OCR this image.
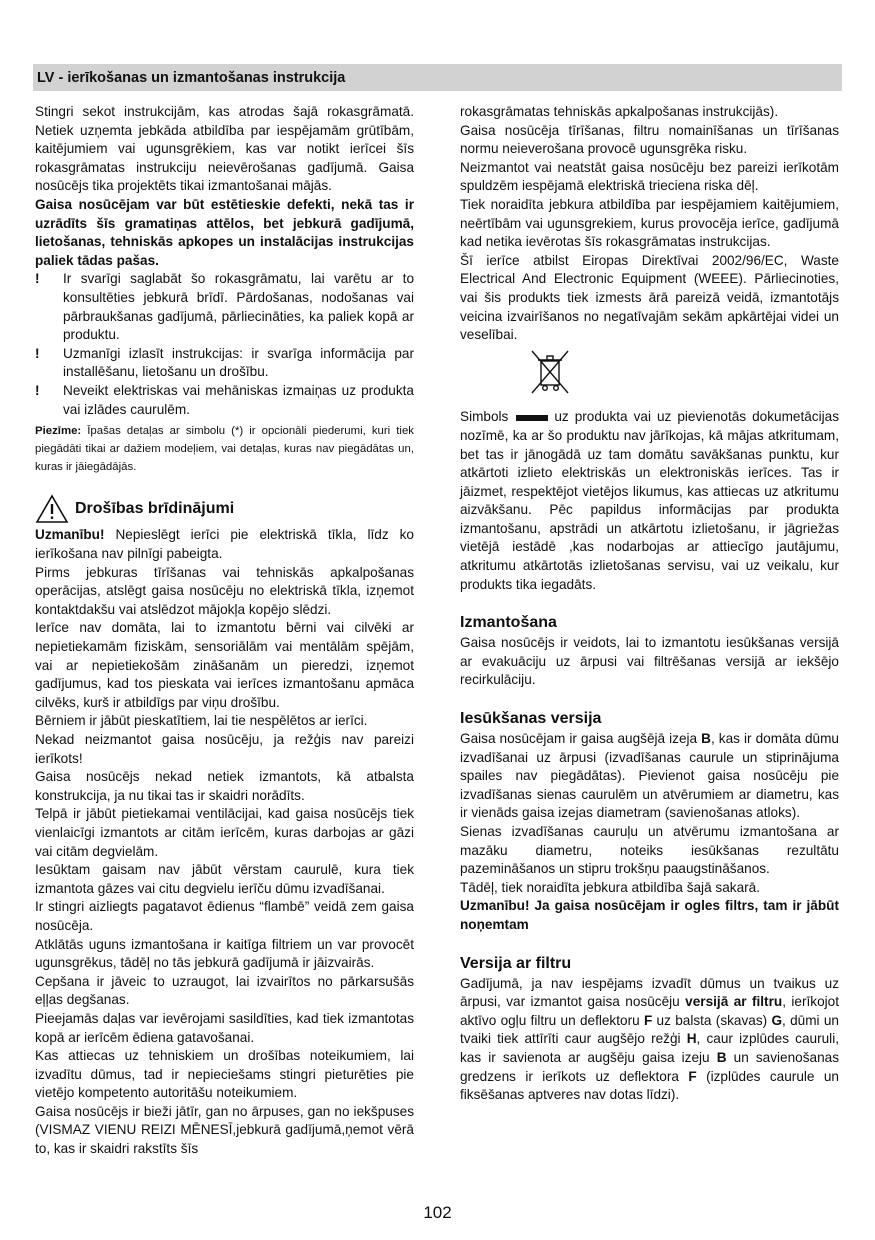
LV - ierīkošanas un izmantošanas instrukcija

Stingri sekot instrukcijām, kas atrodas šajā rokasgrāmatā. Netiek uzņemta jebkāda atbildība par iespējamām grūtībām, kaitējumiem vai ugunsgrēkiem, kas var notikt ierīcei šīs rokasgrāmatas instrukciju neievērošanas gadījumā. Gaisa nosūcējs tika projektēts tikai izmantošanai mājās.

Gaisa nosūcējam var būt estētieskie defekti, nekā tas ir uzrādīts šīs gramatiņas attēlos, bet jebkurā gadījumā, lietošanas, tehniskās apkopes un instalācijas instrukcijas paliek tādas pašas.

!	Ir svarīgi saglabāt šo rokasgrāmatu, lai varētu ar to konsultēties jebkurā brīdī. Pārdošanas, nodošanas vai pārbraukšanas gadījumā, pārliecināties, ka paliek kopā ar produktu.
!	Uzmanīgi izlasīt instrukcijas: ir svarīga informācija par installēšanu, lietošanu un drošību.
!	Neveikt elektriskas vai mehāniskas izmaiņas uz produkta vai izlādes caurulēm.

Piezīme: Īpašas detaļas ar simbolu (*) ir opcionāli piederumi, kuri tiek piegādāti tikai ar dažiem modeļiem, vai detaļas, kuras nav piegādātas un, kuras ir jāiegādājās.

Drošības brīdinājumi

Uzmanību! Nepieslēgt ierīci pie elektriskā tīkla, līdz ko ierīkošana nav pilnīgi pabeigta.

Pirms jebkuras tīrīšanas vai tehniskās apkalpošanas operācijas, atslēgt gaisa nosūcēju no elektriskā tīkla, izņemot kontaktdakšu vai atslēdzot mājokļa kopējo slēdzi.

Ierīce nav domāta, lai to izmantotu bērni vai cilvēki ar nepietiekamām fiziskām, sensoriālām vai mentālām spējām, vai ar nepietiekošām zināšanām un pieredzi, izņemot gadījumus, kad tos pieskata vai ierīces izmantošanu apmāca cilvēks, kurš ir atbildīgs par viņu drošību.

Bērniem ir jābūt pieskatītiem, lai tie nespēlētos ar ierīci.

Nekad neizmantot gaisa nosūcēju, ja režģis nav pareizi ierīkots!

Gaisa nosūcējs nekad netiek izmantots, kā atbalsta konstrukcija, ja nu tikai tas ir skaidri norādīts.

Telpā ir jābūt pietiekamai ventilācijai, kad gaisa nosūcējs tiek vienlaicīgi izmantots ar citām ierīcēm, kuras darbojas ar gāzi vai citām degvielām.

Iesūktam gaisam nav jābūt vērstam caurulē, kura tiek izmantota gāzes vai citu degvielu ierīču dūmu izvadīšanai.

Ir stingri aizliegts pagatavot ēdienus “flambē” veidā zem gaisa nosūcēja.

Atklātās uguns izmantošana ir kaitīga filtriem un var provocēt ugunsgrēkus, tādēļ no tās jebkurā gadījumā ir jāizvairās.

Cepšana ir jāveic to uzraugot, lai izvairītos no pārkarsušās eļļas degšanas.

Pieejamās daļas var ievērojami sasildīties, kad tiek izmantotas kopā ar ierīcēm ēdiena gatavošanai.

Kas attiecas uz tehniskiem un drošības noteikumiem, lai izvadītu dūmus, tad ir nepieciešams stingri pieturēties pie vietējo kompetento autoritāšu noteikumiem.

Gaisa nosūcējs ir bieži jātīr, gan no ārpuses, gan no iekšpuses (VISMAZ VIENU REIZI MĒNESĪ,jebkurā gadījumā,ņemot vērā to, kas ir skaidri rakstīts šīs

rokasgrāmatas tehniskās apkalpošanas instrukcijās).

Gaisa nosūcēja tīrīšanas, filtru nomainīšanas un tīrīšanas normu neieverošana provocē ugunsgrēka risku.

Neizmantot vai neatstāt gaisa nosūcēju bez pareizi ierīkotām spuldzēm iespējamā elektriskā trieciena riska dēļ.

Tiek noraidīta jebkura atbildība par iespējamiem kaitējumiem, neērtībām vai ugunsgrekiem, kurus provocēja ierīce, gadījumā kad netika ievērotas šīs rokasgrāmatas instrukcijas.

Šī ierīce atbilst Eiropas Direktīvai 2002/96/EC, Waste Electrical And Electronic Equipment (WEEE). Pārliecinoties, vai šis produkts tiek izmests ārā pareizā veidā, izmantotājs veicina izvairīšanos no negatīvajām sekām apkārtējai videi un veselībai.

Simbols	uz produkta vai uz pievienotās dokumetācijas nozīmē, ka ar šo produktu nav jārīkojas, kā mājas atkritumam, bet tas ir jānogādā uz tam domātu savākšanas punktu, kur atkārtoti izlieto elektriskās un elektroniskās ierīces. Tas ir jāizmet, respektējot vietējos likumus, kas attiecas uz atkritumu aizvākšanu. Pēc papildus informācijas par produkta izmantošanu, apstrādi un atkārtotu izlietošanu, ir jāgriežas vietējā iestādē ,kas nodarbojas ar attiecīgo jautājumu, atkritumu atkārtotās izlietošanas servisu, vai uz veikalu, kur produkts tika iegadāts.

Izmantošana

Gaisa nosūcējs ir veidots, lai to izmantotu iesūkšanas versijā ar evakuāciju uz ārpusi vai filtrēšanas versijā ar iekšējo recirkulāciju.

Iesūkšanas versija

Gaisa nosūcējam ir gaisa augšējā izeja B, kas ir domāta dūmu izvadīšanai uz ārpusi (izvadīšanas caurule un stiprinājuma spailes nav piegādātas). Pievienot gaisa nosūcēju pie izvadīšanas sienas caurulēm un atvērumiem ar diametru, kas ir vienāds gaisa izejas diametram (savienošanas atloks).

Sienas izvadīšanas cauruļu un atvērumu izmantošana ar mazāku diametru, noteiks iesūkšanas rezultātu pazemināšanos un stipru trokšņu paaugstināšanos.

Tādēļ, tiek noraidīta jebkura atbildība šajā sakarā.

Uzmanību! Ja gaisa nosūcējam ir ogles filtrs, tam ir jābūt noņemtam

Versija ar filtru

Gadījumā, ja nav iespējams izvadīt dūmus un tvaikus uz ārpusi, var izmantot gaisa nosūcēju versijā ar filtru, ierīkojot aktīvo ogļu filtru un deflektoru F uz balsta (skavas) G, dūmi un tvaiki tiek attīrīti caur augšējo režģi H, caur izplūdes cauruli, kas ir savienota ar augšēju gaisa izeju B un savienošanas gredzens ir ierīkots uz deflektora F (izplūdes caurule un fiksēšanas aptveres nav dotas līdzi).

102
